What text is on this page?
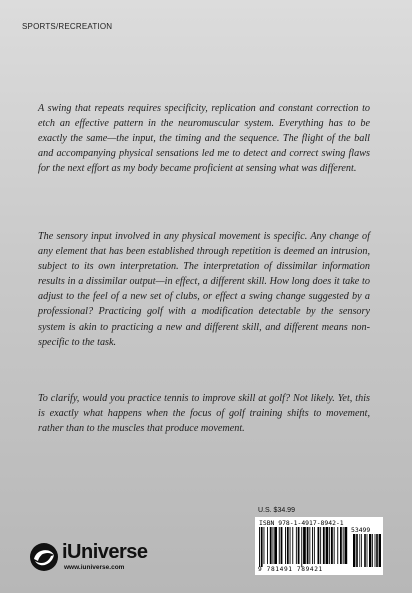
SPORTS/RECREATION
A swing that repeats requires specificity, replication and constant correction to etch an effective pattern in the neuromuscular system. Everything has to be exactly the same—the input, the timing and the sequence. The flight of the ball and accompanying physical sensations led me to detect and correct swing flaws for the next effort as my body became proficient at sensing what was different.
The sensory input involved in any physical movement is specific. Any change of any element that has been established through repetition is deemed an intrusion, subject to its own interpretation. The interpretation of dissimilar information results in a dissimilar output—in effect, a different skill. How long does it take to adjust to the feel of a new set of clubs, or effect a swing change suggested by a professional? Practicing golf with a modification detectable by the sensory system is akin to practicing a new and different skill, and different means non-specific to the task.
To clarify, would you practice tennis to improve skill at golf? Not likely. Yet, this is exactly what happens when the focus of golf training shifts to movement, rather than to the muscles that produce movement.
iUniverse
www.iuniverse.com
U.S. $34.99
ISBN 978-1-4917-8942-1
53499
9 781491 789421
